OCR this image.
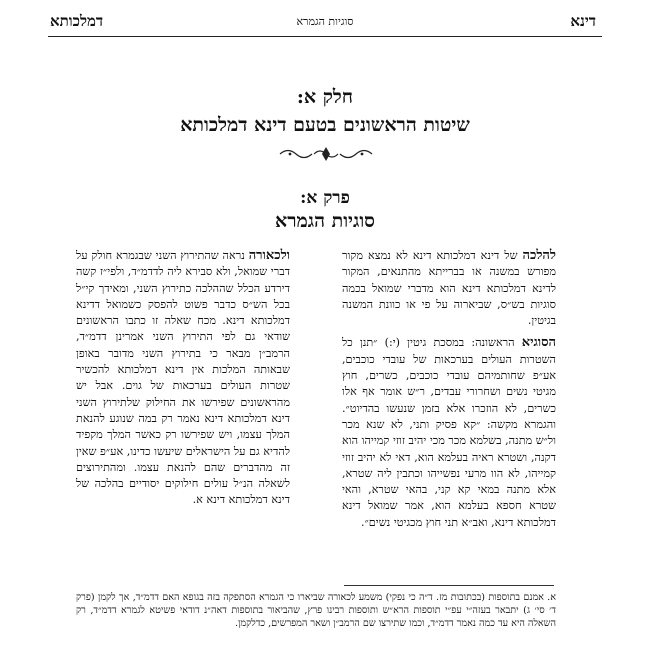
דינא
סוגיות הגמרא
דמלכותא
חלק א:
שיטות הראשונים בטעם דינא דמלכותא
פרק א:
סוגיות הגמרא

להלכה של דינא דמלכותא דינא לא נמצא מקור מפורש במשנה או בברייתא מהתנאים, המקור לדינא דמלכותא דינא הוא מדברי שמואל בכמה סוגיות בש״ס, שביארוה על פי או כוונת המשנה בגיטין.

הסוגיא הראשונה: במסכת גיטין (י:) ״תנן כל השטרות העולים בערכאות של עובדי כוכבים, אע״פ שחותמיהם עובדי כוכבים, כשרים, חוץ מגיטי נשים ושחרורי עבדים, ר״ש אומר אף אלו כשרים, לא הוזכרו אלא בזמן שנעשו בהדיוט״. והגמרא מקשה: ״קא פסיק ותני, לא שנא מכר ול״ש מתנה, בשלמא מכר מכי יהיב זוזי קמייהו הוא דקנה, ושטרא ראיה בעלמא הוא, דאי לא יהיב זוזי קמייהו, לא הוו מרעי נפשייהו וכתבין ליה שטרא, אלא מתנה במאי קא קני, בהאי שטרא, והאי שטרא חספא בעלמא הוא, אמר שמואל דינא דמלכותא דינא, ואב״א תני חוץ מכגיטי נשים״.

ולכאורה נראה שהתירוץ השני שבגמרא חולק על דברי שמואל, ולא סבירא ליה לדדמ״ד, ולפי״ז קשה דירדע הכלל שההלכה כתירוץ השני, ומאידך קי״ל בכל הש״ס כדבר פשוט להפסק כשמואל דדינא דמלכותא דינא. מכח שאלה זו כתבו הראשונים שודאי גם לפי התירוץ השני אמרינן דדמ״ד, הרמב״ן מבאר כי בתירוץ השני מדובר באופן שבאותה המלכות אין דינא דמלכותא להכשיר שטרות העולים בערכאות של גוים. אבל יש מהראשונים שפירשו את החילוק שלתירוץ השני דינא דמלכותא דינא נאמר רק במה שנוגע להנאת המלך עצמו, ויש שפירשו רק כאשר המלך מקפיד להדיא גם על הישראלים שיעשו כדינו, אע״פ שאין זה מהדברים שהם להנאת עצמו. ומהתירוצים לשאלה הנ״ל עולים חילוקים יסודיים בהלכה של דינא דמלכותא דינא א.

א. אמנם בתוספות (בכתובות מז. ד״ה כי נפקי) משמע לכאורה שביארו כי הגמרא הסתפקה בזה בגופא האם דדמ״ד, אך לקמן (פרק ד׳ סי׳ ג) יתבאר בעזה״י עפ״י תוספות הרא״ש ותוספות רבינו פרץ, שהביאור בתוספות דאה״נ דודאי פשיטא לגמרא דדמ״ד, רק השאלה היא עד כמה נאמר דדמ״ד, וכמו שתירצו שם הרמב״ן ושאר המפרשים, כדלקמן.
